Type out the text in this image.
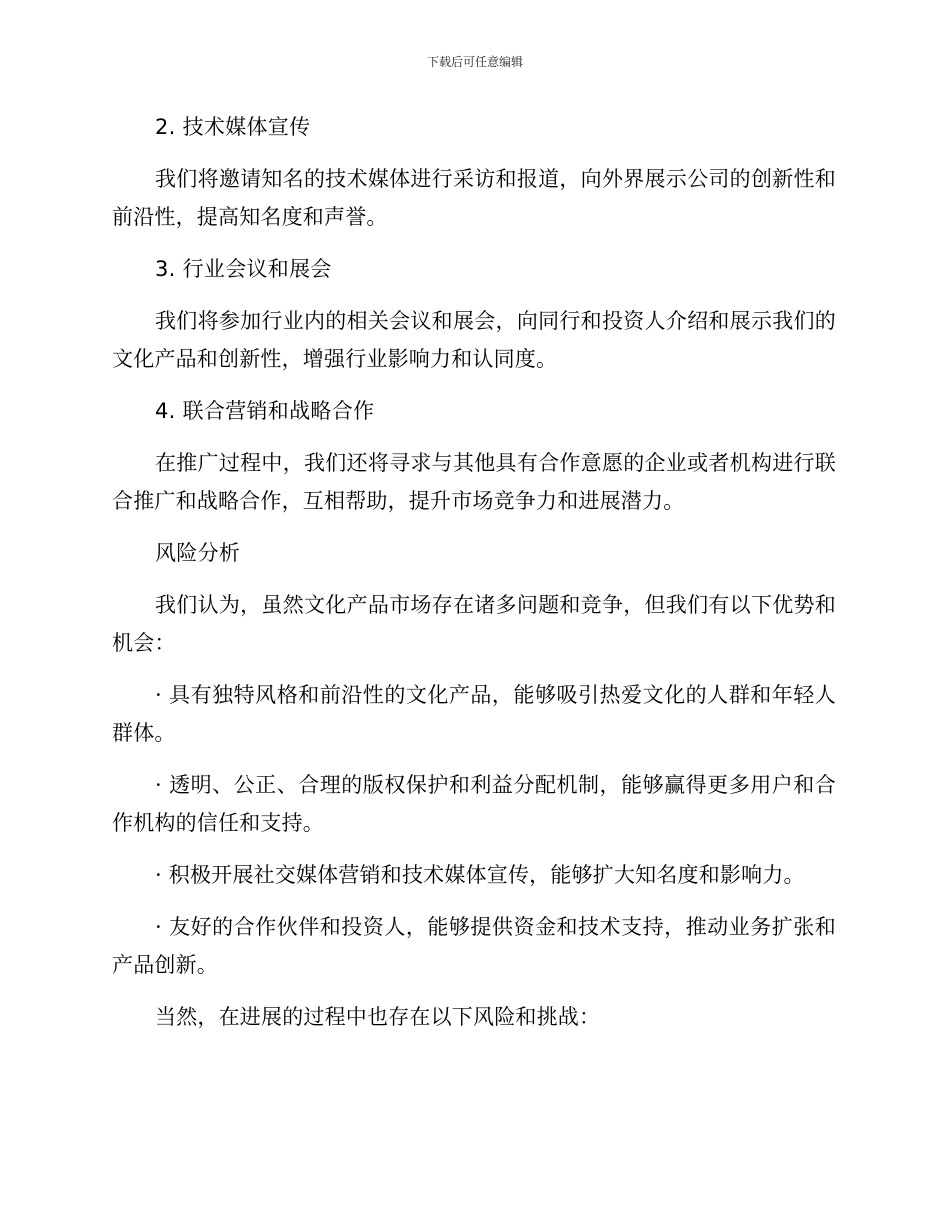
下载后可任意编辑
2. 技术媒体宣传

我们将邀请知名的技术媒体进行采访和报道，向外界展示公司的创新性和前沿性，提高知名度和声誉。

3. 行业会议和展会

我们将参加行业内的相关会议和展会，向同行和投资人介绍和展示我们的文化产品和创新性，增强行业影响力和认同度。

4. 联合营销和战略合作

在推广过程中，我们还将寻求与其他具有合作意愿的企业或者机构进行联合推广和战略合作，互相帮助，提升市场竞争力和进展潜力。

风险分析

我们认为，虽然文化产品市场存在诸多问题和竞争，但我们有以下优势和机会：

· 具有独特风格和前沿性的文化产品，能够吸引热爱文化的人群和年轻人群体。

· 透明、公正、合理的版权保护和利益分配机制，能够赢得更多用户和合作机构的信任和支持。

· 积极开展社交媒体营销和技术媒体宣传，能够扩大知名度和影响力。

· 友好的合作伙伴和投资人，能够提供资金和技术支持，推动业务扩张和产品创新。

当然，在进展的过程中也存在以下风险和挑战：
